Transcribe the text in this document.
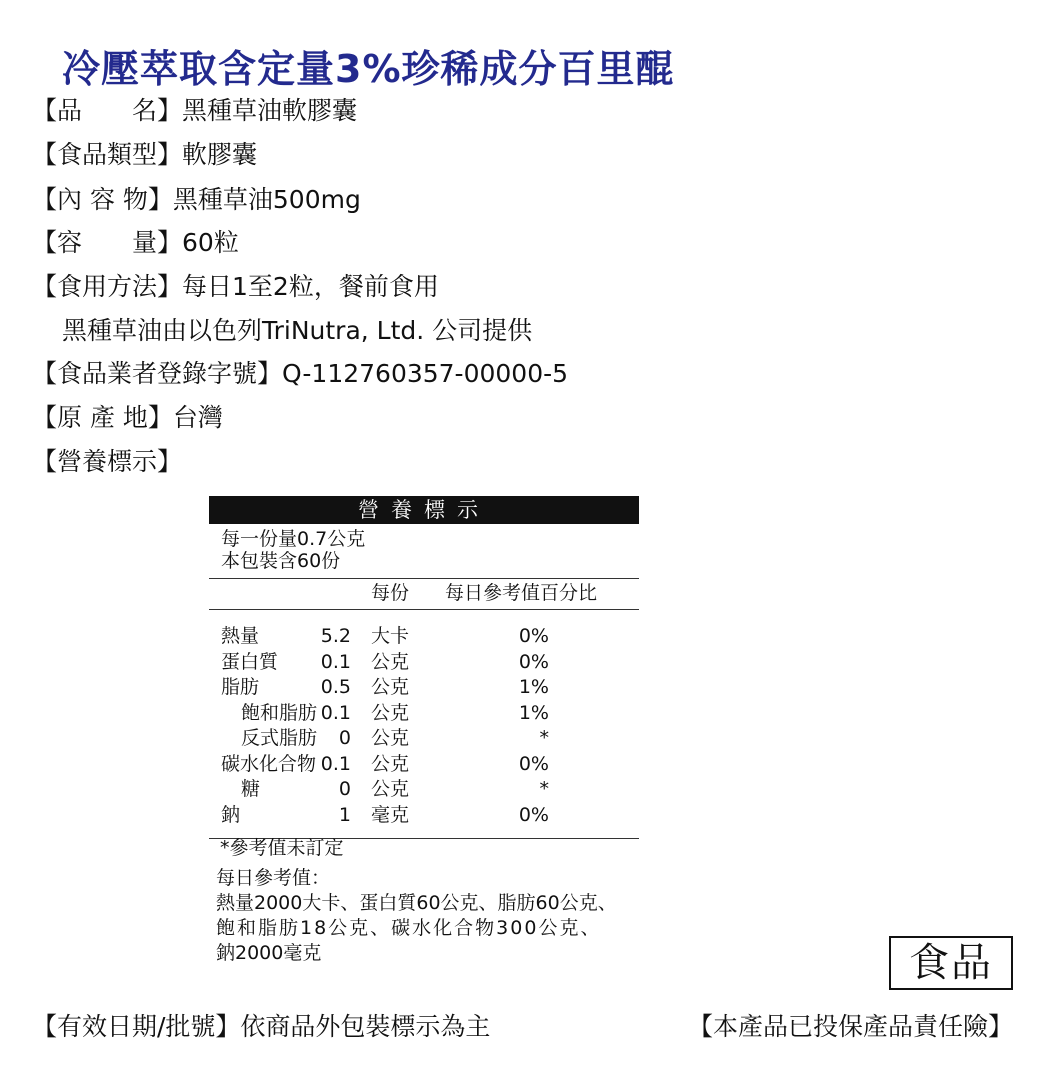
冷壓萃取含定量3%珍稀成分百里醌
【品　　名】黑種草油軟膠囊
【食品類型】軟膠囊
【內 容 物】黑種草油500mg
【容　　量】60粒
【食用方法】每日1至2粒，餐前食用
黑種草油由以色列TriNutra, Ltd. 公司提供
【食品業者登錄字號】Q-112760357-00000-5
【原 產 地】台灣
【營養標示】
營養標示
每一份量0.7公克
本包裝含60份
每份 每日參考值百分比
熱量	5.2 大卡	0%
蛋白質 0.1 公克	0%
脂肪	0.5 公克	1%
飽和脂肪 0.1 公克	1%
反式脂肪 0 公克	*
碳水化合物 0.1 公克	0%
糖	0 公克	*
鈉	1 毫克	0%
*參考值未訂定
每日參考值：
熱量2000大卡、蛋白質60公克、脂肪60公克、
飽和脂肪18公克、碳水化合物300公克、
鈉2000毫克	食品
【有效日期/批號】依商品外包裝標示為主	【本產品已投保產品責任險】
